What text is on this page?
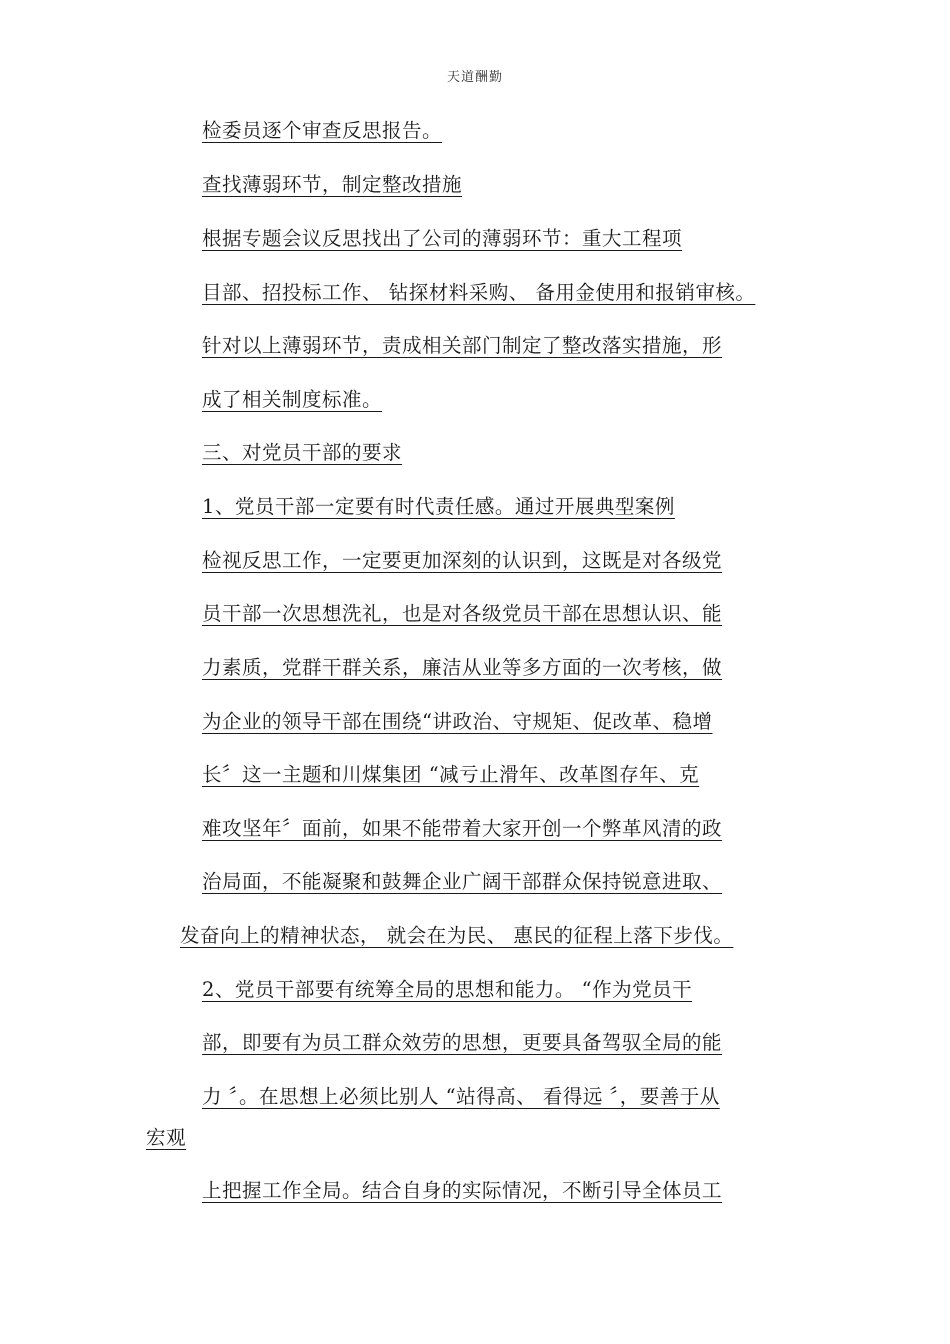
天道酬勤
检委员逐个审查反思报告。
查找薄弱环节，制定整改措施
根据专题会议反思找出了公司的薄弱环节：重大工程项
目部、招投标工作、 钻探材料采购、 备用金使用和报销审核。
针对以上薄弱环节，责成相关部门制定了整改落实措施，形
成了相关制度标准。
三、对党员干部的要求
1、党员干部一定要有时代责任感。通过开展典型案例
检视反思工作，一定要更加深刻的认识到，这既是对各级党
员干部一次思想洗礼，也是对各级党员干部在思想认识、能
力素质，党群干群关系，廉洁从业等多方面的一次考核，做
为企业的领导干部在围绕“讲政治、守规矩、促改革、稳增
长〞这一主题和川煤集团 “减亏止滑年、改革图存年、克
难攻坚年〞面前，如果不能带着大家开创一个弊革风清的政
治局面，不能凝聚和鼓舞企业广阔干部群众保持锐意进取、
发奋向上的精神状态， 就会在为民、 惠民的征程上落下步伐。
2、党员干部要有统筹全局的思想和能力。 “作为党员干
部，即要有为员工群众效劳的思想，更要具备驾驭全局的能
力 〞。在思想上必须比别人 “站得高、 看得远 〞，要善于从
宏观
上把握工作全局。结合自身的实际情况，不断引导全体员工
